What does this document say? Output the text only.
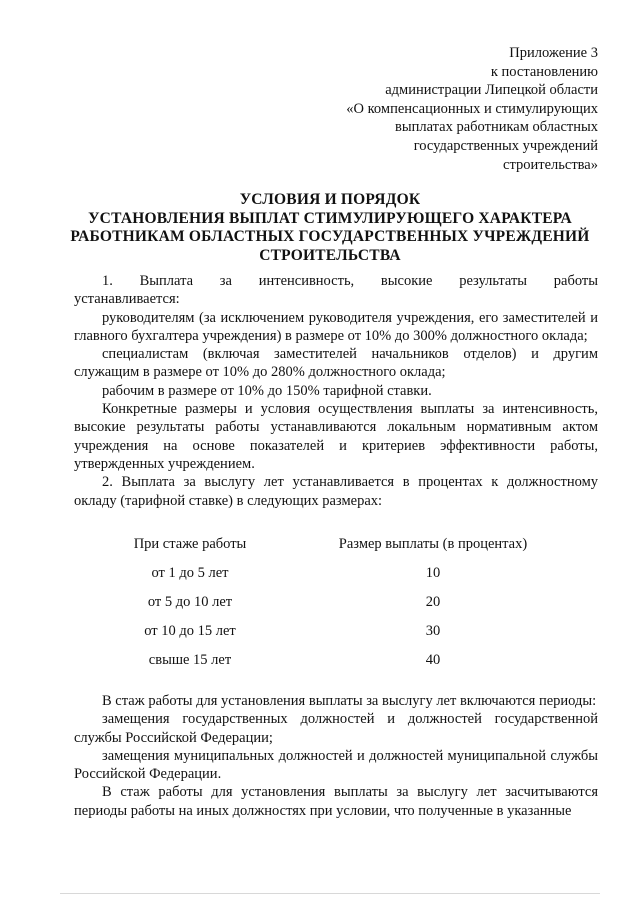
Приложение 3
к постановлению
администрации Липецкой области
«О компенсационных и стимулирующих
выплатах работникам областных
государственных учреждений
строительства»
УСЛОВИЯ И ПОРЯДОК
УСТАНОВЛЕНИЯ ВЫПЛАТ СТИМУЛИРУЮЩЕГО ХАРАКТЕРА
РАБОТНИКАМ ОБЛАСТНЫХ ГОСУДАРСТВЕННЫХ УЧРЕЖДЕНИЙ
СТРОИТЕЛЬСТВА

1. Выплата за интенсивность, высокие результаты работы

устанавливается:

руководителям (за исключением руководителя учреждения, его заместителей и главного бухгалтера учреждения) в размере от 10% до 300% должностного оклада;

специалистам (включая заместителей начальников отделов) и другим служащим в размере от 10% до 280% должностного оклада;

рабочим в размере от 10% до 150% тарифной ставки.

Конкретные размеры и условия осуществления выплаты за интенсивность, высокие результаты работы устанавливаются локальным нормативным актом учреждения на основе показателей и критериев эффективности работы, утвержденных учреждением.

2. Выплата за выслугу лет устанавливается в процентах к должностному окладу (тарифной ставке) в следующих размерах:

При стаже работы	Размер выплаты (в процентах)
от 1 до 5 лет	10
от 5 до 10 лет	20
от 10 до 15 лет	30
свыше 15 лет	40

В стаж работы для установления выплаты за выслугу лет включаются периоды:

замещения государственных должностей и должностей государственной службы Российской Федерации;

замещения муниципальных должностей и должностей муниципальной службы Российской Федерации.

В стаж работы для установления выплаты за выслугу лет засчитываются периоды работы на иных должностях при условии, что полученные в указанные
